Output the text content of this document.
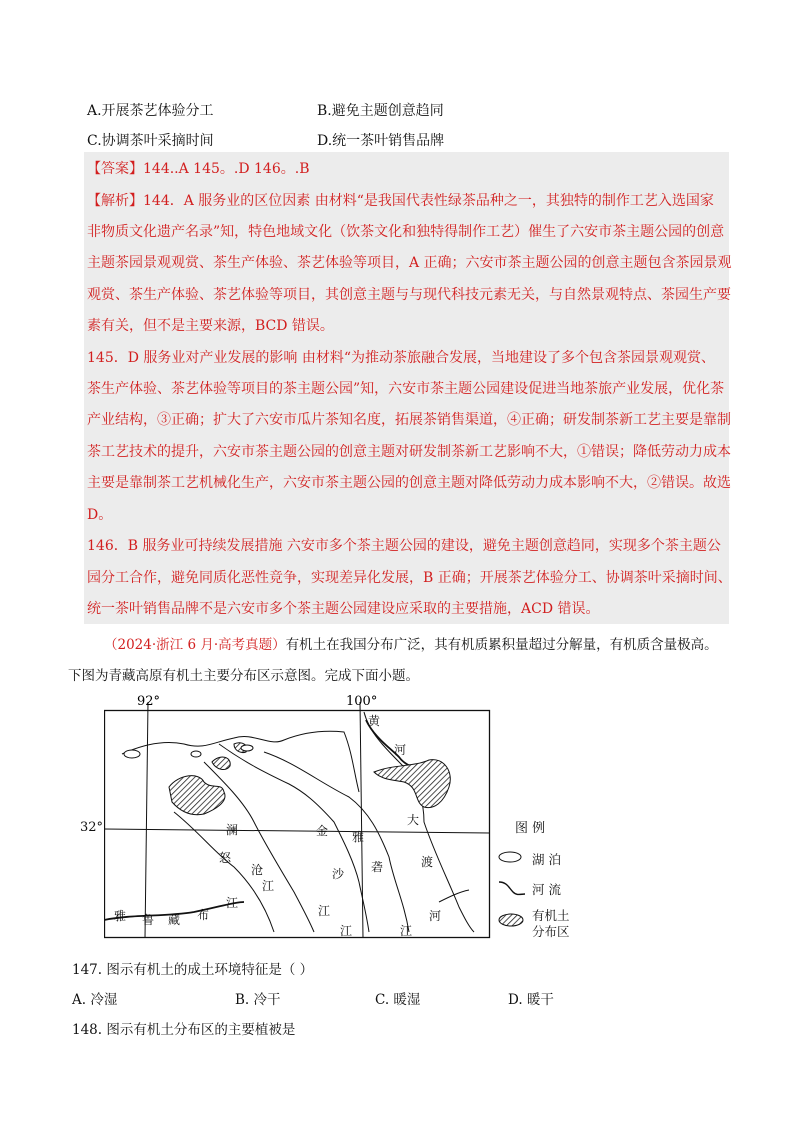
A.开展茶艺体验分工	B.避免主题创意趋同
C.协调茶叶采摘时间	D.统一茶叶销售品牌
【答案】144..A 145。.D 146。.B
【解析】144．A 服务业的区位因素 由材料“是我国代表性绿茶品种之一，其独特的制作工艺入选国家
非物质文化遗产名录”知，特色地域文化（饮茶文化和独特得制作工艺）催生了六安市茶主题公园的创意
主题茶园景观观赏、茶生产体验、茶艺体验等项目，A 正确；六安市茶主题公园的创意主题包含茶园景观
观赏、茶生产体验、茶艺体验等项目，其创意主题与与现代科技元素无关，与自然景观特点、茶园生产要
素有关，但不是主要来源，BCD 错误。
145．D 服务业对产业发展的影响 由材料“为推动茶旅融合发展，当地建设了多个包含茶园景观观赏、
茶生产体验、茶艺体验等项目的茶主题公园”知，六安市茶主题公园建设促进当地茶旅产业发展，优化茶
产业结构，③正确；扩大了六安市瓜片茶知名度，拓展茶销售渠道，④正确；研发制茶新工艺主要是靠制
茶工艺技术的提升，六安市茶主题公园的创意主题对研发制茶新工艺影响不大，①错误；降低劳动力成本
主要是靠制茶工艺机械化生产，六安市茶主题公园的创意主题对降低劳动力成本影响不大，②错误。故选
D。
146．B 服务业可持续发展措施 六安市多个茶主题公园的建设，避免主题创意趋同，实现多个茶主题公
园分工合作，避免同质化恶性竞争，实现差异化发展，B 正确；开展茶艺体验分工、协调茶叶采摘时间、
统一茶叶销售品牌不是六安市多个茶主题公园建设应采取的主要措施，ACD 错误。
（2024·浙江 6 月·高考真题）有机土在我国分布广泛，其有机质累积量超过分解量，有机质含量极高。
下图为青藏高原有机土主要分布区示意图。完成下面小题。
92°	100°
黄
河
澜	金 雅
大
怒
沧	沙 砻	渡
江
江
江	江
河
江
雅 鲁 藏 布
32°	图 例
湖泊
河流
有机土
分布区
147. 图示有机土的成土环境特征是（ ）
A. 冷湿	B. 冷干	C. 暖湿	D. 暖干
148. 图示有机土分布区的主要植被是
